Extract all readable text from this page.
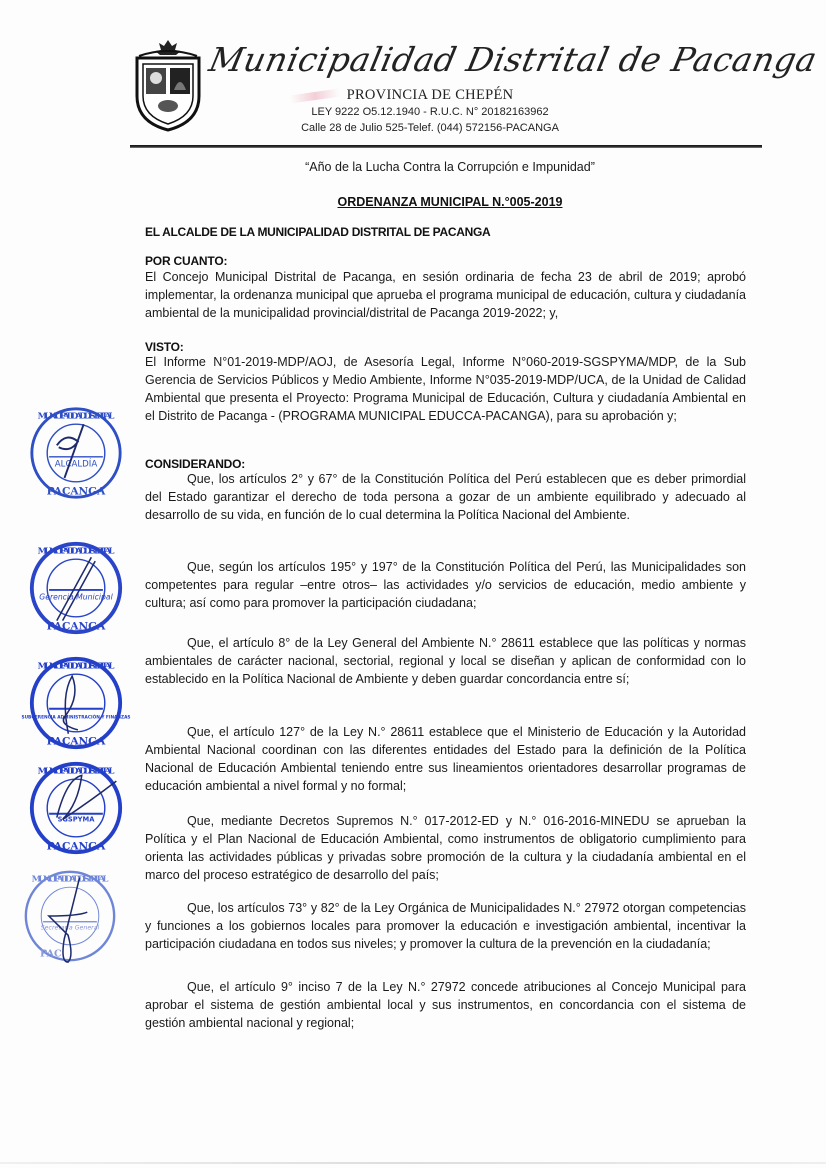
Municipalidad Distrital de Pacanga
PROVINCIA DE CHEPÉN
LEY 9222 O5.12.1940 - R.U.C. N° 20182163962
Calle 28 de Julio 525-Telef. (044) 572156-PACANGA
“Año de la Lucha Contra la Corrupción e Impunidad”
ORDENANZA MUNICIPAL N.°005-2019
EL ALCALDE DE LA MUNICIPALIDAD DISTRITAL DE PACANGA
POR CUANTO:
El Concejo Municipal Distrital de Pacanga, en sesión ordinaria de fecha 23 de abril de 2019; aprobó implementar, la ordenanza municipal que aprueba el programa municipal de educación, cultura y ciudadanía ambiental de la municipalidad provincial/distrital de Pacanga 2019-2022; y,
VISTO:
El Informe N°01-2019-MDP/AOJ, de Asesoría Legal, Informe N°060-2019-SGSPYMA/MDP, de la Sub Gerencia de Servicios Públicos y Medio Ambiente, Informe N°035-2019-MDP/UCA, de la Unidad de Calidad Ambiental que presenta el Proyecto: Programa Municipal de Educación, Cultura y ciudadanía Ambiental en el Distrito de Pacanga - (PROGRAMA MUNICIPAL EDUCCA-PACANGA), para su aprobación y;
CONSIDERANDO:
Que, los artículos 2° y 67° de la Constitución Política del Perú establecen que es deber primordial del Estado garantizar el derecho de toda persona a gozar de un ambiente equilibrado y adecuado al desarrollo de su vida, en función de lo cual determina la Política Nacional del Ambiente.
Que, según los artículos 195° y 197° de la Constitución Política del Perú, las Municipalidades son competentes para regular –entre otros– las actividades y/o servicios de educación, medio ambiente y cultura; así como para promover la participación ciudadana;
Que, el artículo 8° de la Ley General del Ambiente N.° 28611 establece que las políticas y normas ambientales de carácter nacional, sectorial, regional y local se diseñan y aplican de conformidad con lo establecido en la Política Nacional de Ambiente y deben guardar concordancia entre sí;
Que, el artículo 127° de la Ley N.° 28611 establece que el Ministerio de Educación y la Autoridad Ambiental Nacional coordinan con las diferentes entidades del Estado para la definición de la Política Nacional de Educación Ambiental teniendo entre sus lineamientos orientadores desarrollar programas de educación ambiental a nivel formal y no formal;
Que, mediante Decretos Supremos N.° 017-2012-ED y N.° 016-2016-MINEDU se aprueban la Política y el Plan Nacional de Educación Ambiental, como instrumentos de obligatorio cumplimiento para orienta las actividades públicas y privadas sobre promoción de la cultura y la ciudadanía ambiental en el marco del proceso estratégico de desarrollo del país;
Que, los artículos 73° y 82° de la Ley Orgánica de Municipalidades N.° 27972 otorgan competencias y funciones a los gobiernos locales para promover la educación e investigación ambiental, incentivar la participación ciudadana en todos sus niveles; y promover la cultura de la prevención en la ciudadanía;
Que, el artículo 9° inciso 7 de la Ley N.° 27972 concede atribuciones al Concejo Municipal para aprobar el sistema de gestión ambiental local y sus instrumentos, en concordancia con el sistema de gestión ambiental nacional y regional;
MUNICIPALIDAD DISTRITAL
ALCALDÍA
PACANGA
MUNICIPALIDAD DISTRITAL
Gerencia Municipal
PACANGA
MUNICIPALIDAD DISTRITAL
SUBGERENCIA ADMINISTRACIÓN Y FINANZAS
PACANGA
MUNICIPALIDAD DISTRITAL
SGSPYMA
PACANGA
MUNICIPALIDAD DISTRITAL
Secretaría General
PAC
